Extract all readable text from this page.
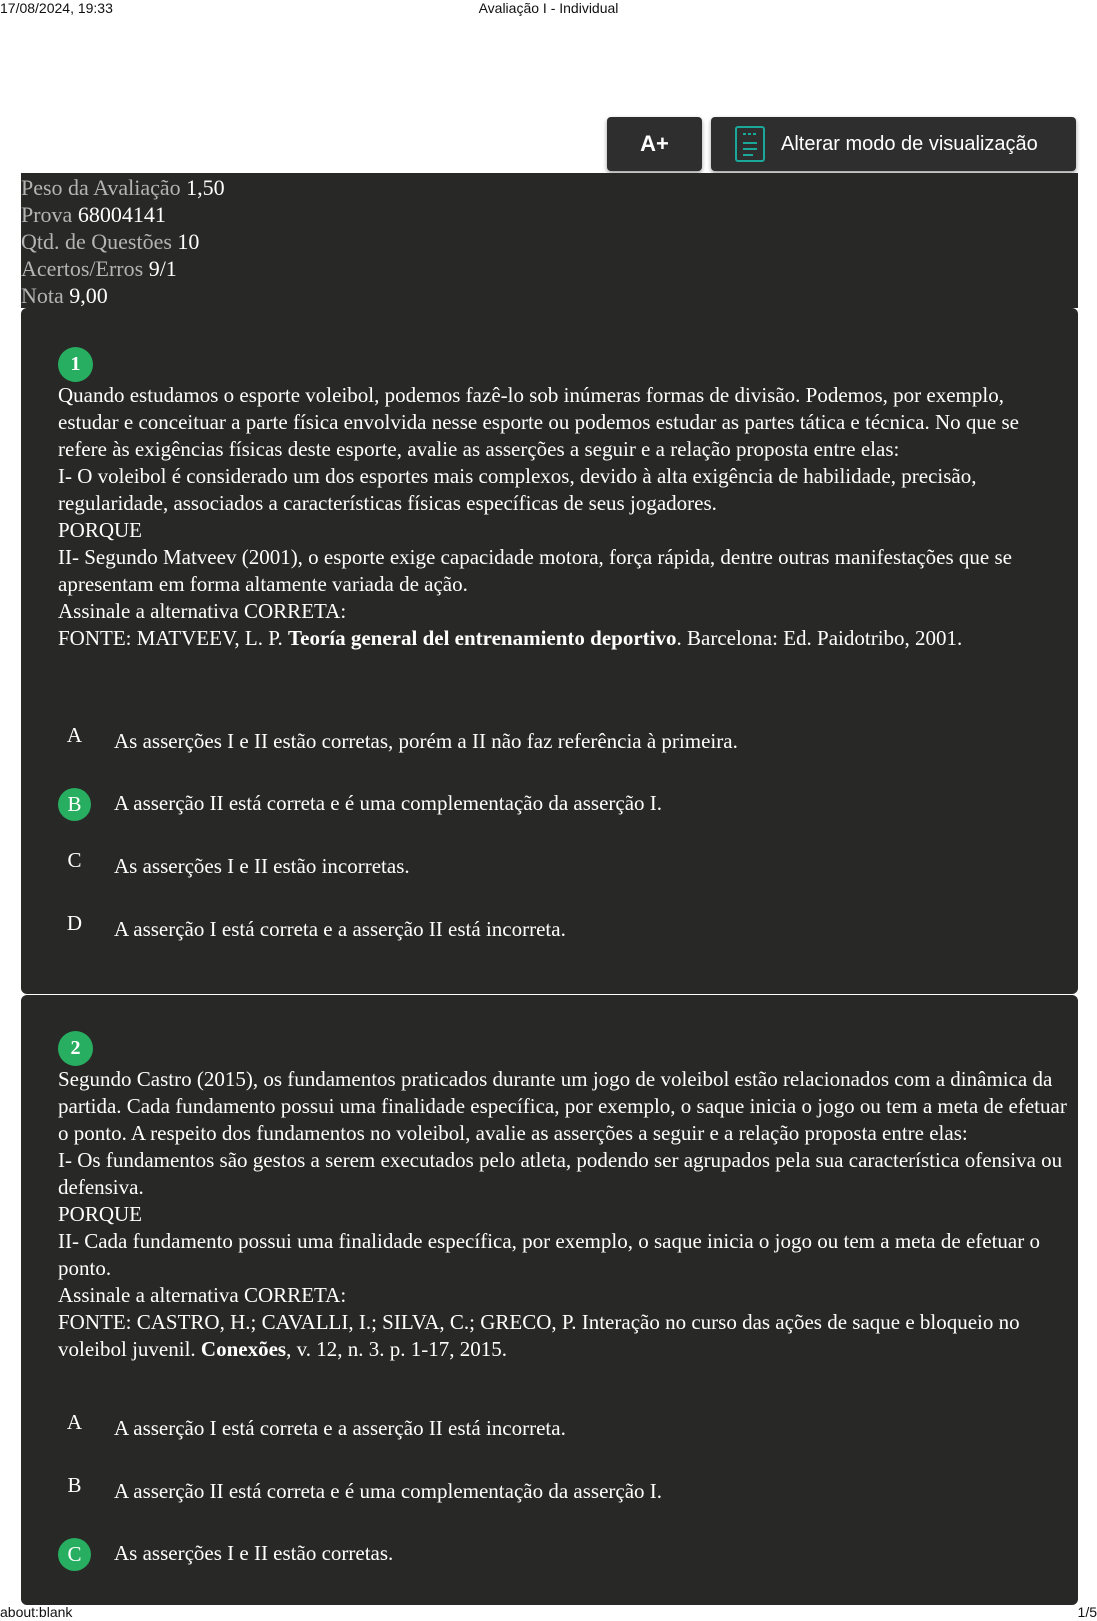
17/08/2024, 19:33	Avaliação I - Individual
A+	Alterar modo de visualização
Peso da Avaliação 1,50
Prova 68004141
Qtd. de Questões 10
Acertos/Erros 9/1
Nota 9,00
1

Quando estudamos o esporte voleibol, podemos fazê-lo sob inúmeras formas de divisão. Podemos, por exemplo, estudar e conceituar a parte física envolvida nesse esporte ou podemos estudar as partes tática e técnica. No que se refere às exigências físicas deste esporte, avalie as asserções a seguir e a relação proposta entre elas:

I- O voleibol é considerado um dos esportes mais complexos, devido à alta exigência de habilidade, precisão, regularidade, associados a características físicas específicas de seus jogadores.

PORQUE

II- Segundo Matveev (2001), o esporte exige capacidade motora, força rápida, dentre outras manifestações que se apresentam em forma altamente variada de ação.

Assinale a alternativa CORRETA:

FONTE: MATVEEV, L. P. Teoría general del entrenamiento deportivo. Barcelona: Ed. Paidotribo, 2001.

A	As asserções I e II estão corretas, porém a II não faz referência à primeira.
B	A asserção II está correta e é uma complementação da asserção I.
C	As asserções I e II estão incorretas.
D	A asserção I está correta e a asserção II está incorreta.
2

Segundo Castro (2015), os fundamentos praticados durante um jogo de voleibol estão relacionados com a dinâmica da partida. Cada fundamento possui uma finalidade específica, por exemplo, o saque inicia o jogo ou tem a meta de efetuar o ponto. A respeito dos fundamentos no voleibol, avalie as asserções a seguir e a relação proposta entre elas:

I- Os fundamentos são gestos a serem executados pelo atleta, podendo ser agrupados pela sua característica ofensiva ou defensiva.

PORQUE

II- Cada fundamento possui uma finalidade específica, por exemplo, o saque inicia o jogo ou tem a meta de efetuar o ponto.

Assinale a alternativa CORRETA:

FONTE: CASTRO, H.; CAVALLI, I.; SILVA, C.; GRECO, P. Interação no curso das ações de saque e bloqueio no voleibol juvenil. Conexões, v. 12, n. 3. p. 1-17, 2015.

A	A asserção I está correta e a asserção II está incorreta.
B	A asserção II está correta e é uma complementação da asserção I.
C	As asserções I e II estão corretas.
about:blank	1/5
